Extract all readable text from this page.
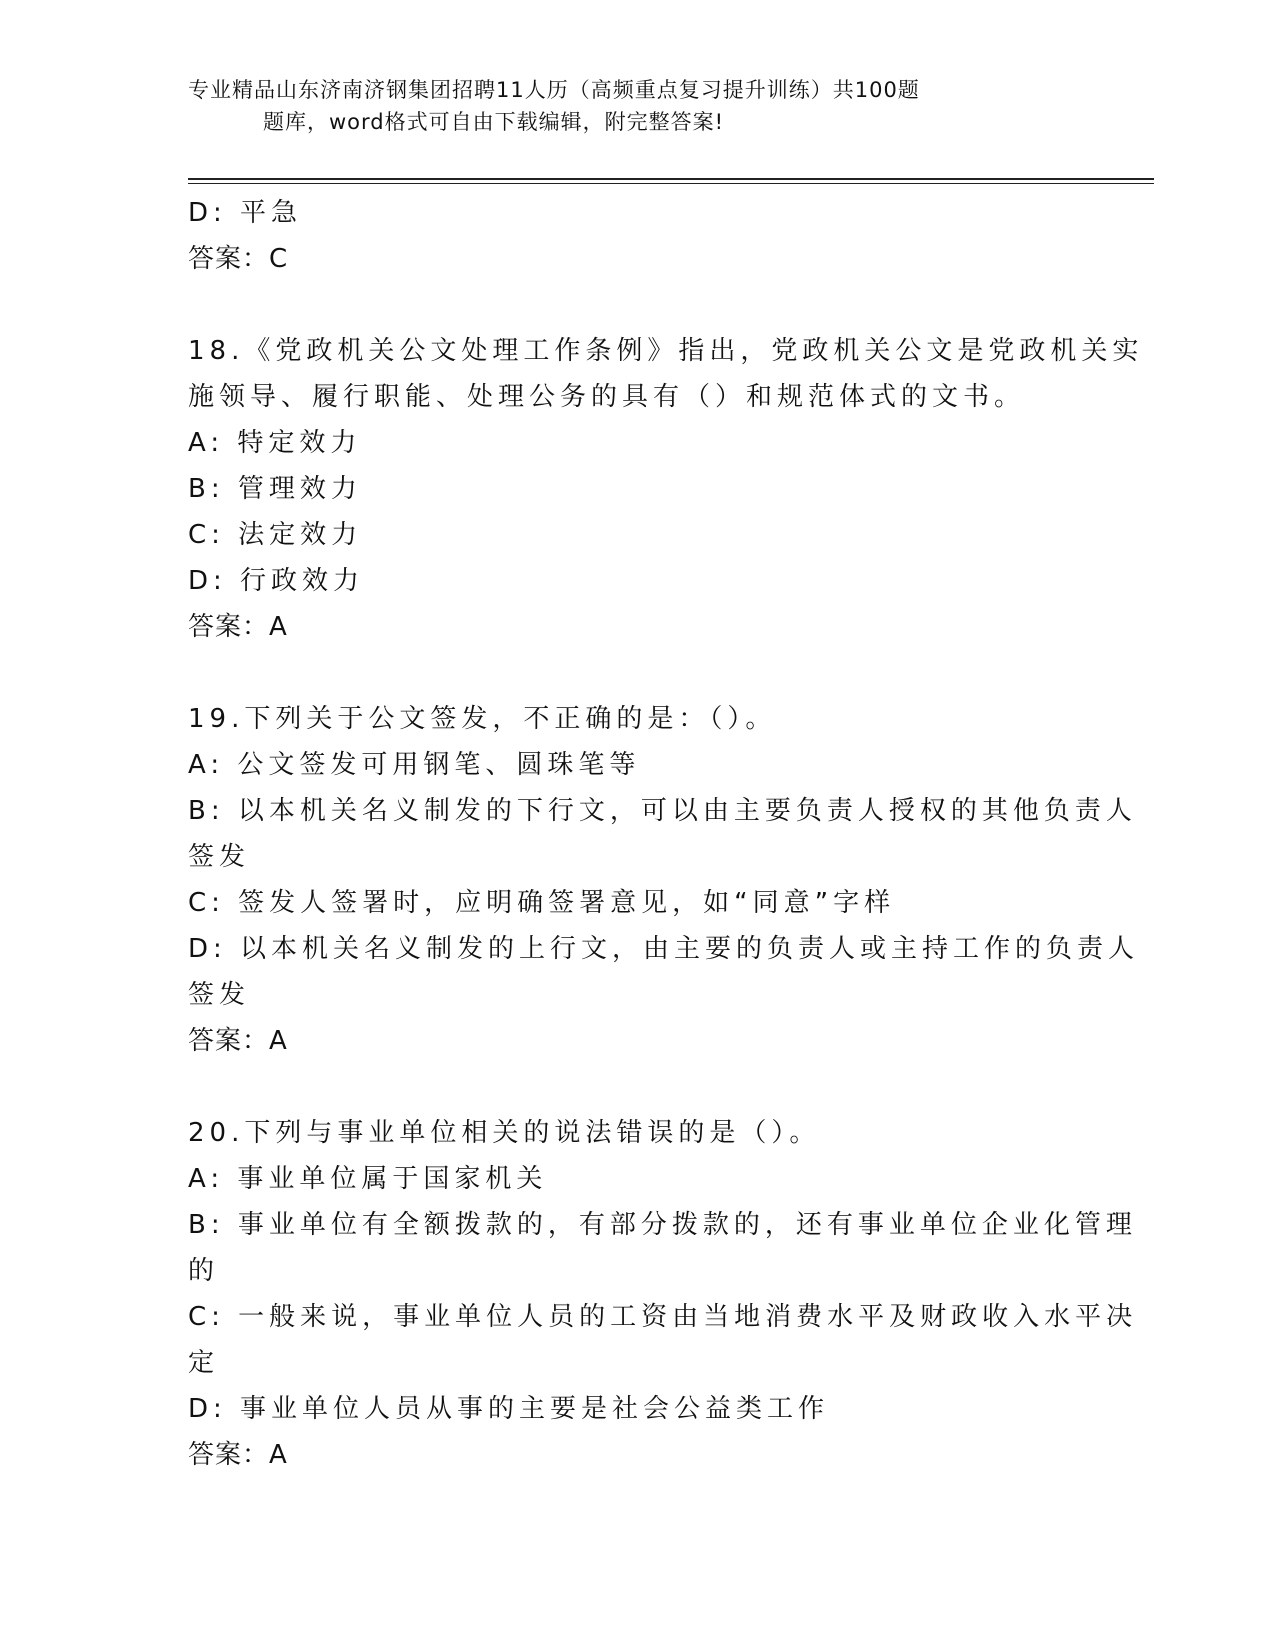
专业精品山东济南济钢集团招聘11人历（高频重点复习提升训练）共100题
题库，word格式可自由下载编辑，附完整答案!
D: 平急
答案：C
18.《党政机关公文处理工作条例》指出，党政机关公文是党政机关实
施领导、履行职能、处理公务的具有（）和规范体式的文书。
A: 特定效力
B: 管理效力
C: 法定效力
D: 行政效力
答案：A
19.下列关于公文签发，不正确的是：（）。
A: 公文签发可用钢笔、圆珠笔等
B: 以本机关名义制发的下行文，可以由主要负责人授权的其他负责人
签发
C: 签发人签署时，应明确签署意见，如“同意”字样
D: 以本机关名义制发的上行文，由主要的负责人或主持工作的负责人
签发
答案：A
20.下列与事业单位相关的说法错误的是（）。
A: 事业单位属于国家机关
B: 事业单位有全额拨款的，有部分拨款的，还有事业单位企业化管理
的
C: 一般来说，事业单位人员的工资由当地消费水平及财政收入水平决
定
D: 事业单位人员从事的主要是社会公益类工作
答案：A
